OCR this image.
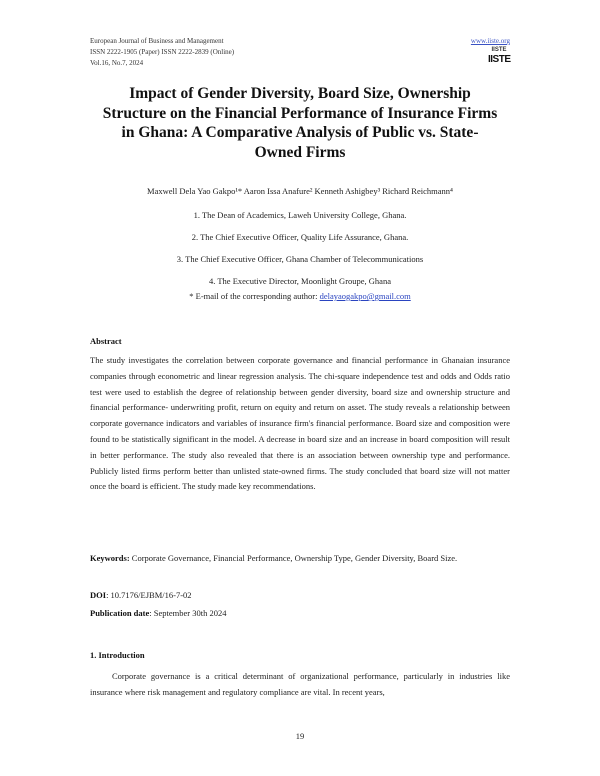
European Journal of Business and Management
ISSN 2222-1905 (Paper) ISSN 2222-2839 (Online)
Vol.16, No.7, 2024
www.iiste.org
IISTE
IISTE
Impact of Gender Diversity, Board Size, Ownership Structure on the Financial Performance of Insurance Firms in Ghana: A Comparative Analysis of Public vs. State-Owned Firms
Maxwell Dela Yao Gakpo¹* Aaron Issa Anafure² Kenneth Ashigbey³ Richard Reichmann⁴
1. The Dean of Academics, Laweh University College, Ghana.
2. The Chief Executive Officer, Quality Life Assurance, Ghana.
3. The Chief Executive Officer, Ghana Chamber of Telecommunications
4. The Executive Director, Moonlight Groupe, Ghana
* E-mail of the corresponding author: delayaogakpo@gmail.com
Abstract
The study investigates the correlation between corporate governance and financial performance in Ghanaian insurance companies through econometric and linear regression analysis. The chi-square independence test and odds and Odds ratio test were used to establish the degree of relationship between gender diversity, board size and ownership structure and financial performance- underwriting profit, return on equity and return on asset. The study reveals a relationship between corporate governance indicators and variables of insurance firm's financial performance. Board size and composition were found to be statistically significant in the model. A decrease in board size and an increase in board composition will result in better performance. The study also revealed that there is an association between ownership type and performance. Publicly listed firms perform better than unlisted state-owned firms. The study concluded that board size will not matter once the board is efficient. The study made key recommendations.
Keywords: Corporate Governance, Financial Performance, Ownership Type, Gender Diversity, Board Size.
DOI: 10.7176/EJBM/16-7-02
Publication date: September 30th 2024
1. Introduction
Corporate governance is a critical determinant of organizational performance, particularly in industries like insurance where risk management and regulatory compliance are vital. In recent years,
19
